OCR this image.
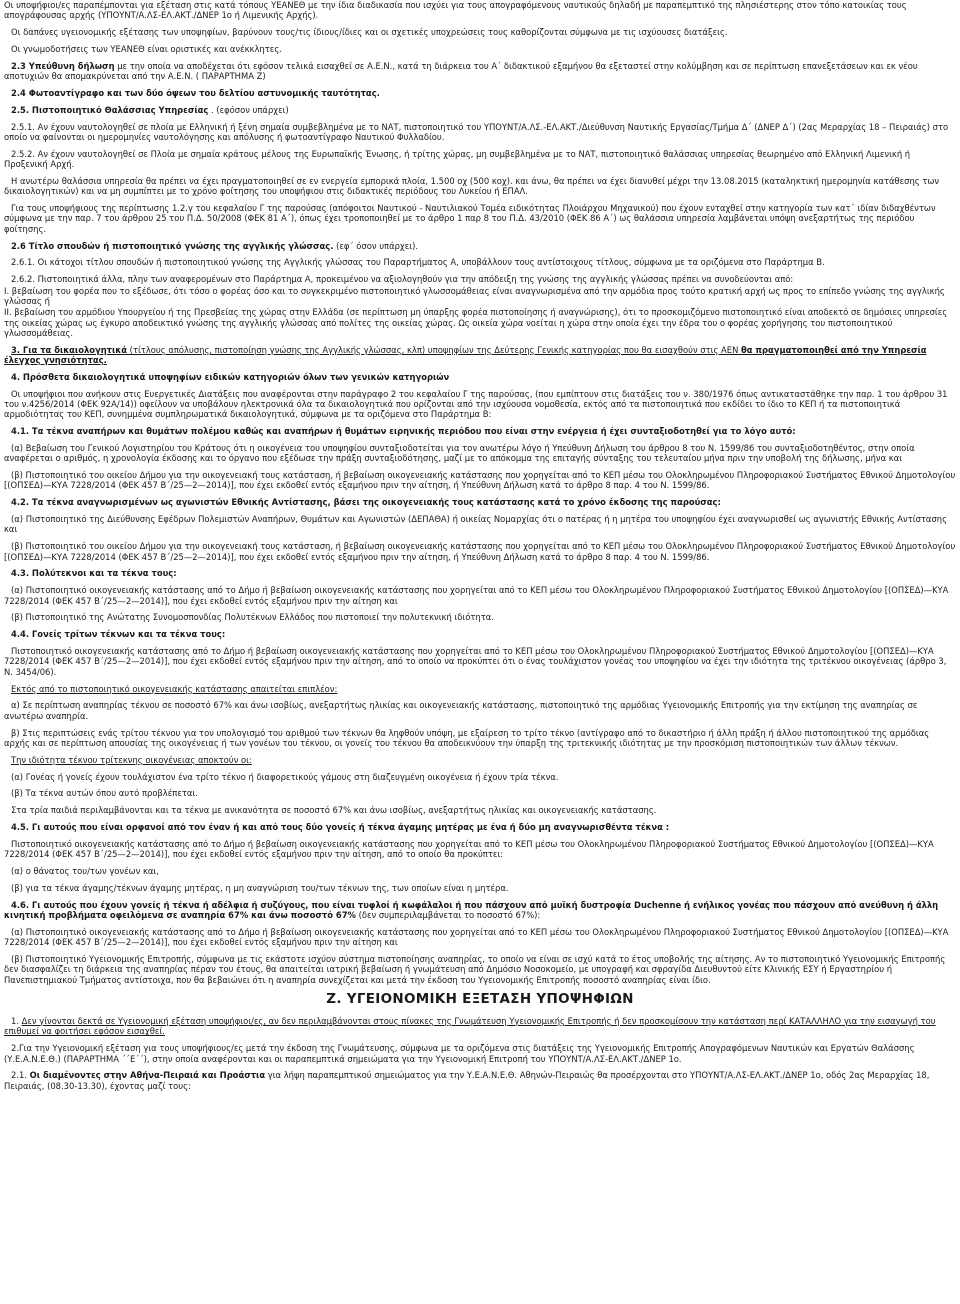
Οι υποψήφιοι/ες παραπέμπονται για εξέταση στις κατά τόπους ΥΕΑΝΕΘ με την ίδια διαδικασία που ισχύει για τους απογραφόμενους ναυτικούς δηλαδή με παραπεμπτικό της πλησιέστερης στον τόπο κατοικίας τους απογράφουσας αρχής (ΥΠΟΥΝΤ/Α.ΛΣ-ΕΛ.ΑΚΤ./ΔΝΕΡ 1ο ή Λιμενικής Αρχής).
Οι δαπάνες υγειονομικής εξέτασης των υποψηφίων, βαρύνουν τους/τις ίδιους/ίδιες και οι σχετικές υποχρεώσεις τους καθορίζονται σύμφωνα με τις ισχύουσες διατάξεις.
Οι γνωμοδοτήσεις των ΥΕΑΝΕΘ είναι οριστικές και ανέκκλητες.
2.3 Υπεύθυνη δήλωση με την οποία να αποδέχεται ότι εφόσον τελικά εισαχθεί σε Α.Ε.Ν., κατά τη διάρκεια του Α΄ διδακτικού εξαμήνου θα εξεταστεί στην κολύμβηση και σε περίπτωση επανεξετάσεων και εκ νέου αποτυχιών θα απομακρύνεται από την Α.Ε.Ν. ( ΠΑΡΑΡΤΗΜΑ Ζ)
2.4 Φωτοαντίγραφο και των δύο όψεων του δελτίου αστυνομικής ταυτότητας.
2.5. Πιστοποιητικό Θαλάσσιας Υπηρεσίας . (εφόσον υπάρχει)
2.5.1. Αν έχουν ναυτολογηθεί σε πλοία με Ελληνική ή ξένη σημαία συμβεβλημένα με το ΝΑΤ, πιστοποιητικό του ΥΠΟΥΝΤ/Α.ΛΣ.-ΕΛ.ΑΚΤ./Διεύθυνση Ναυτικής Εργασίας/Τμήμα Δ΄ (ΔΝΕΡ Δ΄) (2ας Μεραρχίας 18 – Πειραιάς) στο οποίο να φαίνονται οι ημερομηνίες ναυτολόγησης και απόλυσης ή φωτοαντίγραφο Ναυτικού Φυλλαδίου.
2.5.2. Αν έχουν ναυτολογηθεί σε Πλοία με σημαία κράτους μέλους της Ευρωπαϊκής Ένωσης, ή τρίτης χώρας, μη συμβεβλημένα με το ΝΑΤ, πιστοποιητικό θαλάσσιας υπηρεσίας θεωρημένο από Ελληνική Λιμενική ή Προξενική Αρχή.
Η ανωτέρω θαλάσσια υπηρεσία θα πρέπει να έχει πραγματοποιηθεί σε εν ενεργεία εμπορικά πλοία, 1.500 οχ (500 κοχ). και άνω, θα πρέπει να έχει διανυθεί μέχρι την 13.08.2015 (καταληκτική ημερομηνία κατάθεσης των δικαιολογητικών) και να μη συμπίπτει με το χρόνο φοίτησης του υποψήφιου στις διδακτικές περιόδους του Λυκείου ή ΕΠΑΛ.
Για τους υποψήφιους της περίπτωσης 1.2.γ του κεφαλαίου Γ της παρούσας (απόφοιτοι Ναυτικού - Ναυτιλιακού Τομέα ειδικότητας Πλοιάρχου Μηχανικού) που έχουν ενταχθεί στην κατηγορία των κατ΄ ιδίαν διδαχθέντων σύμφωνα με την παρ. 7 του άρθρου 25 του Π.Δ. 50/2008 (ΦΕΚ 81 Α΄), όπως έχει τροποποιηθεί με το άρθρο 1 παρ 8 του Π.Δ. 43/2010 (ΦΕΚ 86 Α΄) ως θαλάσσια υπηρεσία λαμβάνεται υπόψη ανεξαρτήτως της περιόδου φοίτησης.
2.6 Τίτλο σπουδών ή πιστοποιητικό γνώσης της αγγλικής γλώσσας. (εφ΄ όσον υπάρχει).
2.6.1. Οι κάτοχοι τίτλου σπουδών ή πιστοποιητικού γνώσης της Αγγλικής γλώσσας του Παραρτήματος Α, υποβάλλουν τους αντίστοιχους τίτλους, σύμφωνα με τα οριζόμενα στο Παράρτημα Β.
2.6.2. Πιστοποιητικά άλλα, πλην των αναφερομένων στο Παράρτημα Α, προκειμένου να αξιολογηθούν για την απόδειξη της γνώσης της αγγλικής γλώσσας πρέπει να συνοδεύονται από:
I. βεβαίωση του φορέα που το εξέδωσε, ότι τόσο ο φορέας όσο και το συγκεκριμένο πιστοποιητικό γλωσσομάθειας είναι αναγνωρισμένα από την αρμόδια προς τούτο κρατική αρχή ως προς το επίπεδο γνώσης της αγγλικής γλώσσας ή
II. βεβαίωση του αρμόδιου Υπουργείου ή της Πρεσβείας της χώρας στην Ελλάδα (σε περίπτωση μη ύπαρξης φορέα πιστοποίησης ή αναγνώρισης), ότι το προσκομιζόμενο πιστοποιητικό είναι αποδεκτό σε δημόσιες υπηρεσίες της οικείας χώρας ως έγκυρο αποδεικτικό γνώσης της αγγλικής γλώσσας από πολίτες της οικείας χώρας. Ως οικεία χώρα νοείται η χώρα στην οποία έχει την έδρα του ο φορέας χορήγησης του πιστοποιητικού γλωσσομάθειας.
3. Για τα δικαιολογητικά (τίτλους απόλυσης, πιστοποίηση γνώσης της Αγγλικής γλώσσας, κλπ) υποψηφίων της Δεύτερης Γενικής κατηγορίας που θα εισαχθούν στις ΑΕΝ θα πραγματοποιηθεί από την Υπηρεσία έλεγχος γνησιότητας.
4. Πρόσθετα δικαιολογητικά υποψηφίων ειδικών κατηγοριών όλων των γενικών κατηγοριών
Οι υποψήφιοι που ανήκουν στις Ευεργετικές Διατάξεις που αναφέρονται στην παράγραφο 2 του κεφαλαίου Γ της παρούσας, (που εμπίπτουν στις διατάξεις του ν. 380/1976 όπως αντικαταστάθηκε την παρ. 1 του άρθρου 31 του ν.4256/2014 (ΦΕΚ 92Α/14)) οφείλουν να υποβάλουν ηλεκτρονικά όλα τα δικαιολογητικά που ορίζονται από την ισχύουσα νομοθεσία, εκτός από τα πιστοποιητικά που εκδίδει το ίδιο το ΚΕΠ ή τα πιστοποιητικά αρμοδιότητας του ΚΕΠ, συνημμένα συμπληρωματικά δικαιολογητικά, σύμφωνα με τα οριζόμενα στο Παράρτημα Β:
4.1. Τα τέκνα αναπήρων και θυμάτων πολέμου καθώς και αναπήρων ή θυμάτων ειρηνικής περιόδου που είναι στην ενέργεια ή έχει συνταξιοδοτηθεί για το λόγο αυτό:
(α) Βεβαίωση του Γενικού Λογιστηρίου του Κράτους ότι η οικογένεια του υποψηφίου συνταξιοδοτείται για τον ανωτέρω λόγο ή Υπεύθυνη Δήλωση του άρθρου 8 του Ν. 1599/86 του συνταξιοδοτηθέντος, στην οποία αναφέρεται ο αριθμός, η χρονολογία έκδοσης και το όργανο που εξέδωσε την πράξη συνταξιοδότησης, μαζί με το απόκομμα της επιταγής σύνταξης του τελευταίου μήνα πριν την υποβολή της δήλωσης, μήνα και
(β) Πιστοποιητικό του οικείου Δήμου για την οικογενειακή τους κατάσταση, ή βεβαίωση οικογενειακής κατάστασης που χορηγείται από το ΚΕΠ μέσω του Ολοκληρωμένου Πληροφοριακού Συστήματος Εθνικού Δημοτολογίου [(ΟΠΣΕΔ)—ΚΥΑ 7228/2014 (ΦΕΚ 457 Β΄/25—2—2014)], που έχει εκδοθεί εντός εξαμήνου πριν την αίτηση, ή Υπεύθυνη Δήλωση κατά το άρθρο 8 παρ. 4 του Ν. 1599/86.
4.2. Τα τέκνα αναγνωρισμένων ως αγωνιστών Εθνικής Αντίστασης, βάσει της οικογενειακής τους κατάστασης κατά το χρόνο έκδοσης της παρούσας:
(α) Πιστοποιητικό της Διεύθυνσης Εφέδρων Πολεμιστών Αναπήρων, Θυμάτων και Αγωνιστών (ΔΕΠΑΘΑ) ή οικείας Νομαρχίας ότι ο πατέρας ή η μητέρα του υποψηφίου έχει αναγνωρισθεί ως αγωνιστής Εθνικής Αντίστασης και
(β) Πιστοποιητικό του οικείου Δήμου για την οικογενειακή τους κατάσταση, ή βεβαίωση οικογενειακής κατάστασης που χορηγείται από το ΚΕΠ μέσω του Ολοκληρωμένου Πληροφοριακού Συστήματος Εθνικού Δημοτολογίου [(ΟΠΣΕΔ)—ΚΥΑ 7228/2014 (ΦΕΚ 457 Β΄/25—2—2014)], που έχει εκδοθεί εντός εξαμήνου πριν την αίτηση, ή Υπεύθυνη Δήλωση κατά το άρθρο 8 παρ. 4 του Ν. 1599/86.
4.3. Πολύτεκνοι και τα τέκνα τους:
(α) Πιστοποιητικό οικογενειακής κατάστασης από το Δήμο ή βεβαίωση οικογενειακής κατάστασης που χορηγείται από το ΚΕΠ μέσω του Ολοκληρωμένου Πληροφοριακού Συστήματος Εθνικού Δημοτολογίου [(ΟΠΣΕΔ)—ΚΥΑ 7228/2014 (ΦΕΚ 457 Β΄/25—2—2014)], που έχει εκδοθεί εντός εξαμήνου πριν την αίτηση και
(β) Πιστοποιητικό της Ανώτατης Συνομοσπονδίας Πολυτέκνων Ελλάδος που πιστοποιεί την πολυτεκνική ιδιότητα.
4.4. Γονείς τρίτων τέκνων και τα τέκνα τους:
Πιστοποιητικό οικογενειακής κατάστασης από το Δήμο ή βεβαίωση οικογενειακής κατάστασης που χορηγείται από το ΚΕΠ μέσω του Ολοκληρωμένου Πληροφοριακού Συστήματος Εθνικού Δημοτολογίου [(ΟΠΣΕΔ)—ΚΥΑ 7228/2014 (ΦΕΚ 457 Β΄/25—2—2014)], που έχει εκδοθεί εντός εξαμήνου πριν την αίτηση, από το οποίο να προκύπτει ότι ο ένας τουλάχιστον γονέας του υποψηφίου να έχει την ιδιότητα της τριτέκνου οικογένειας (άρθρο 3, Ν. 3454/06).
Εκτός από το πιστοποιητικό οικογενειακής κατάστασης απαιτείται επιπλέον:
α) Σε περίπτωση αναπηρίας τέκνου σε ποσοστό 67% και άνω ισοβίως, ανεξαρτήτως ηλικίας και οικογενειακής κατάστασης, πιστοποιητικό της αρμόδιας Υγειονομικής Επιτροπής για την εκτίμηση της αναπηρίας σε ανωτέρω αναπηρία.
β) Στις περιπτώσεις ενάς τρίτου τέκνου για τον υπολογισμό του αριθμού των τέκνων θα ληφθούν υπόψη, με εξαίρεση το τρίτο τέκνο (αντίγραφο από το δικαστήριο ή άλλη πράξη ή άλλου πιστοποιητικού της αρμόδιας αρχής και σε περίπτωση απουσίας της οικογένειας ή των γονέων του τέκνου, οι γονείς του τέκνου θα αποδεικνύουν την ύπαρξη της τριτεκνικής ιδιότητας με την προσκόμιση πιστοποιητικών των άλλων τέκνων.
Την ιδιότητα τέκνου τρίτεκνης οικογένειας αποκτούν οι:
(α) Γονέας ή γονείς έχουν τουλάχιστον ένα τρίτο τέκνο ή διαφορετικούς γάμους στη διαζευγμένη οικογένεια ή έχουν τρία τέκνα.
(β) Τα τέκνα αυτών όπου αυτό προβλέπεται.
Στα τρία παιδιά περιλαμβάνονται και τα τέκνα με ανικανότητα σε ποσοστό 67% και άνω ισοβίως, ανεξαρτήτως ηλικίας και οικογενειακής κατάστασης.
4.5. Γι αυτούς που είναι ορφανοί από τον έναν ή και από τους δύο γονείς ή τέκνα άγαμης μητέρας με ένα ή δύο μη αναγνωρισθέντα τέκνα :
Πιστοποιητικό οικογενειακής κατάστασης από το Δήμο ή βεβαίωση οικογενειακής κατάστασης που χορηγείται από το ΚΕΠ μέσω του Ολοκληρωμένου Πληροφοριακού Συστήματος Εθνικού Δημοτολογίου [(ΟΠΣΕΔ)—ΚΥΑ 7228/2014 (ΦΕΚ 457 Β΄/25—2—2014)], που έχει εκδοθεί εντός εξαμήνου πριν την αίτηση, από το οποίο θα προκύπτει:
(α) ο θάνατος του/των γονέων και,
(β) για τα τέκνα άγαμης/τέκνων άγαμης μητέρας, η μη αναγνώριση του/των τέκνων της, των οποίων είναι η μητέρα.
4.6. Γι αυτούς που έχουν γονείς ή τέκνα ή αδέλφια ή συζύγους, που είναι τυφλοί ή κωφάλαλοι ή που πάσχουν από μυϊκή δυστροφία Duchenne ή ενήλικος γονέας που πάσχουν από ανεύθυνη ή άλλη κινητική προβλήματα οφειλόμενα σε αναπηρία 67% και άνω ποσοστό 67% (δεν συμπεριλαμβάνεται το ποσοστό 67%):
(α) Πιστοποιητικό οικογενειακής κατάστασης από το Δήμο ή βεβαίωση οικογενειακής κατάστασης που χορηγείται από το ΚΕΠ μέσω του Ολοκληρωμένου Πληροφοριακού Συστήματος Εθνικού Δημοτολογίου [(ΟΠΣΕΔ)—ΚΥΑ 7228/2014 (ΦΕΚ 457 Β΄/25—2—2014)], που έχει εκδοθεί εντός εξαμήνου πριν την αίτηση και
(β) Πιστοποιητικό Υγειονομικής Επιτροπής, σύμφωνα με τις εκάστοτε ισχύον σύστημα πιστοποίησης αναπηρίας, το οποίο να είναι σε ισχύ κατά το έτος υποβολής της αίτησης. Αν το πιστοποιητικό Υγειονομικής Επιτροπής δεν διασφαλίζει τη διάρκεια της αναπηρίας πέραν του έτους, θα απαιτείται ιατρική βεβαίωση ή γνωμάτευση από Δημόσιο Νοσοκομείο, με υπογραφή και σφραγίδα Διευθυντού είτε Κλινικής ΕΣΥ ή Εργαστηρίου ή Πανεπιστημιακού Τμήματος αντίστοιχα, που θα βεβαιώνει ότι η αναπηρία συνεχίζεται και μετά την έκδοση του Υγειονομικής Επιτροπής ποσοστό αναπηρίας είναι ίδιο.
Ζ. ΥΓΕΙΟΝΟΜΙΚΗ ΕΞΕΤΑΣΗ ΥΠΟΨΗΦΙΩΝ
1. Δεν γίνονται δεκτά σε Υγειονομική εξέταση υποψήφιοι/ες, αν δεν περιλαμβάνονται στους πίνακες της Γνωμάτευση Υγειονομικής Επιτροπής ή δεν προσκομίσουν την κατάσταση περί ΚΑΤΑΛΛΗΛΟ για την εισαγωγή του επιθυμεί να φοιτήσει εφόσον εισαχθεί.
2.Για την Υγειονομική εξέταση για τους υποψήφιους/ες μετά την έκδοση της Γνωμάτευσης, σύμφωνα με τα οριζόμενα στις διατάξεις της Υγειονομικής Επιτροπής Απογραφόμενων Ναυτικών και Εργατών Θαλάσσης (Υ.Ε.Α.Ν.Ε.Θ.) (ΠΑΡΑΡΤΗΜΑ ΄΄Ε΄΄), στην οποία αναφέρονται και οι παραπεμπτικά σημειώματα για την Υγειονομική Επιτροπή του ΥΠΟΥΝΤ/Α.ΛΣ-ΕΛ.ΑΚΤ./ΔΝΕΡ 1ο.
2.1. Οι διαμένοντες στην Αθήνα-Πειραιά και Προάστια για λήψη παραπεμπτικού σημειώματος για την Υ.Ε.Α.Ν.Ε.Θ. Αθηνών-Πειραιώς θα προσέρχονται στο ΥΠΟΥΝΤ/Α.ΛΣ-ΕΛ.ΑΚΤ./ΔΝΕΡ 1ο, οδός 2ας Μεραρχίας 18, Πειραιάς, (08.30-13.30), έχοντας μαζί τους:
